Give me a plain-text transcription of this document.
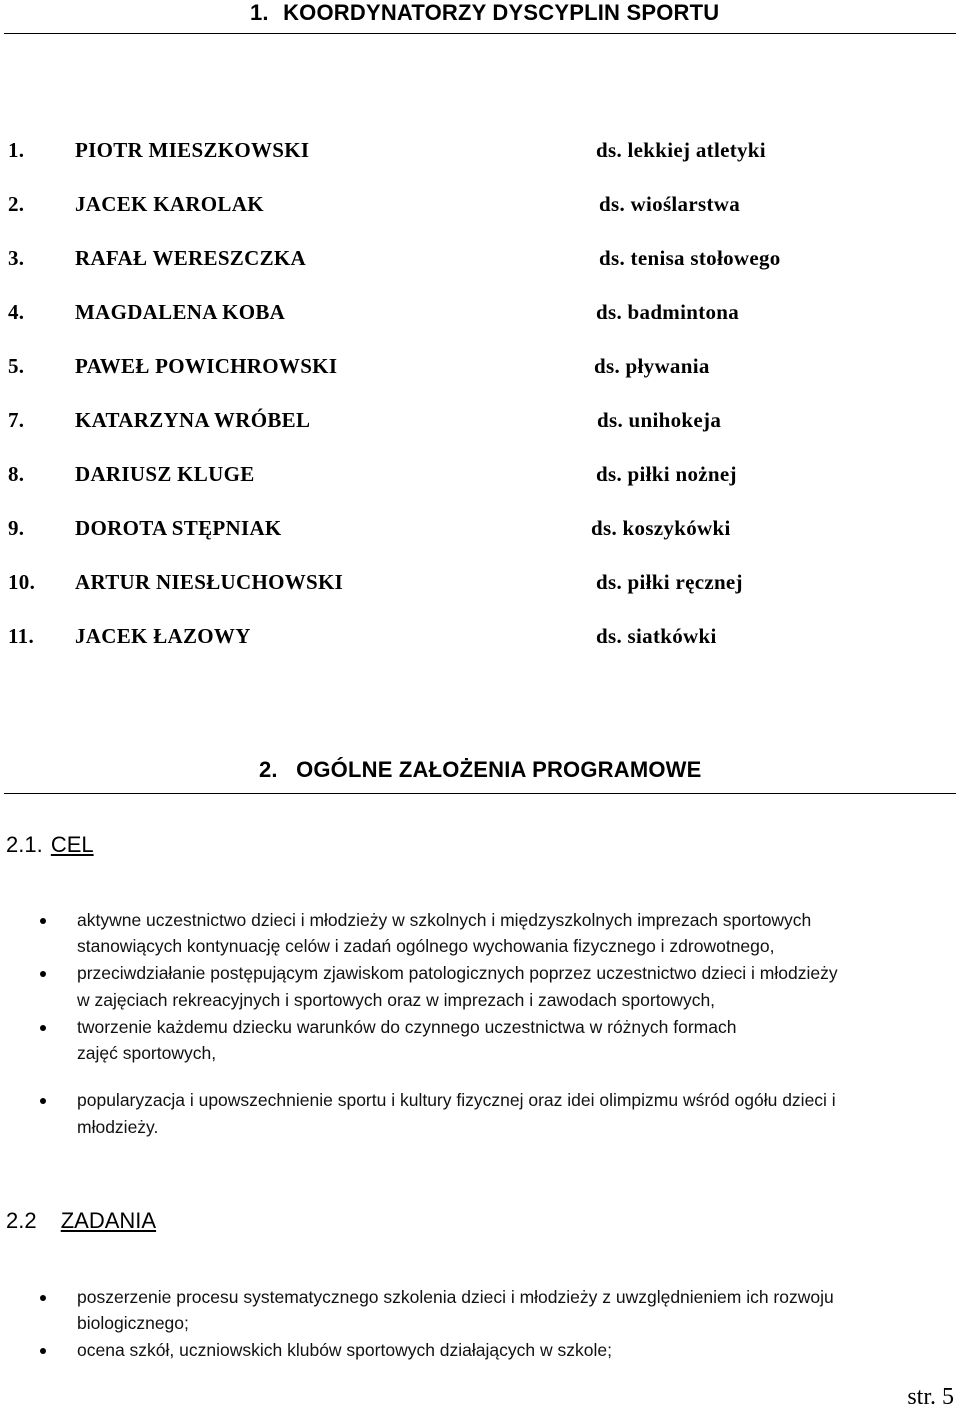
1. KOORDYNATORZY DYSCYPLIN SPORTU
1. PIOTR MIESZKOWSKI	ds. lekkiej atletyki
2. JACEK KAROLAK	ds. wioślarstwa
3. RAFAŁ WERESZCZKA	ds. tenisa stołowego
4. MAGDALENA KOBA	ds. badmintona
5. PAWEŁ POWICHROWSKI	ds. pływania
7. KATARZYNA WRÓBEL	ds. unihokeja
8. DARIUSZ KLUGE	ds. piłki nożnej
9. DOROTA STĘPNIAK	ds. koszykówki
10. ARTUR NIESŁUCHOWSKI	ds. piłki ręcznej
11. JACEK ŁAZOWY	ds. siatkówki
2. OGÓLNE ZAŁOŻENIA PROGRAMOWE
2.1. CEL
aktywne uczestnictwo dzieci i młodzieży w szkolnych i międzyszkolnych imprezach sportowych
stanowiących kontynuację celów i zadań ogólnego wychowania fizycznego i zdrowotnego,
przeciwdziałanie postępującym zjawiskom patologicznych poprzez uczestnictwo dzieci i młodzieży
w zajęciach rekreacyjnych i sportowych oraz w imprezach i zawodach sportowych,
tworzenie każdemu dziecku warunków do czynnego uczestnictwa w różnych formach
zajęć sportowych,
popularyzacja i upowszechnienie sportu i kultury fizycznej oraz idei olimpizmu wśród ogółu dzieci i
młodzieży.
2.2 ZADANIA
poszerzenie procesu systematycznego szkolenia dzieci i młodzieży z uwzględnieniem ich rozwoju
biologicznego;
ocena szkół, uczniowskich klubów sportowych działających w szkole;
str. 5
